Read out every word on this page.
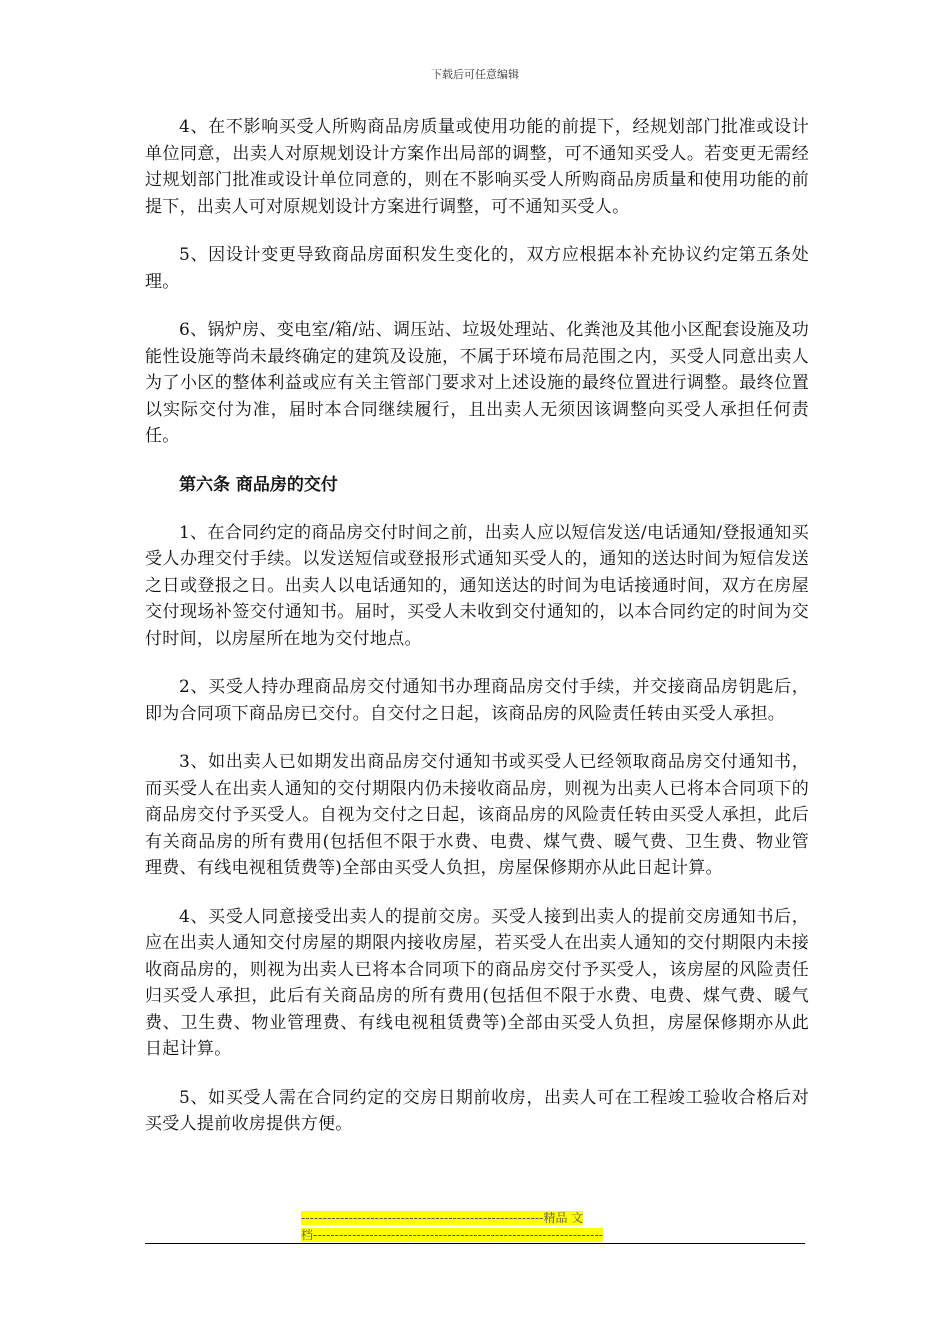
下载后可任意编辑

4、在不影响买受人所购商品房质量或使用功能的前提下，经规划部门批准或设计单位同意，出卖人对原规划设计方案作出局部的调整，可不通知买受人。若变更无需经过规划部门批准或设计单位同意的，则在不影响买受人所购商品房质量和使用功能的前提下，出卖人可对原规划设计方案进行调整，可不通知买受人。

5、因设计变更导致商品房面积发生变化的，双方应根据本补充协议约定第五条处理。

6、锅炉房、变电室/箱/站、调压站、垃圾处理站、化粪池及其他小区配套设施及功能性设施等尚未最终确定的建筑及设施，不属于环境布局范围之内，买受人同意出卖人为了小区的整体利益或应有关主管部门要求对上述设施的最终位置进行调整。最终位置以实际交付为准，届时本合同继续履行，且出卖人无须因该调整向买受人承担任何责任。

第六条 商品房的交付

1、在合同约定的商品房交付时间之前，出卖人应以短信发送/电话通知/登报通知买受人办理交付手续。以发送短信或登报形式通知买受人的，通知的送达时间为短信发送之日或登报之日。出卖人以电话通知的，通知送达的时间为电话接通时间，双方在房屋交付现场补签交付通知书。届时，买受人未收到交付通知的，以本合同约定的时间为交付时间，以房屋所在地为交付地点。

2、买受人持办理商品房交付通知书办理商品房交付手续，并交接商品房钥匙后，即为合同项下商品房已交付。自交付之日起，该商品房的风险责任转由买受人承担。

3、如出卖人已如期发出商品房交付通知书或买受人已经领取商品房交付通知书，而买受人在出卖人通知的交付期限内仍未接收商品房，则视为出卖人已将本合同项下的商品房交付予买受人。自视为交付之日起，该商品房的风险责任转由买受人承担，此后有关商品房的所有费用(包括但不限于水费、电费、煤气费、暖气费、卫生费、物业管理费、有线电视租赁费等)全部由买受人负担，房屋保修期亦从此日起计算。

4、买受人同意接受出卖人的提前交房。买受人接到出卖人的提前交房通知书后，应在出卖人通知交付房屋的期限内接收房屋，若买受人在出卖人通知的交付期限内未接收商品房的，则视为出卖人已将本合同项下的商品房交付予买受人，该房屋的风险责任归买受人承担，此后有关商品房的所有费用(包括但不限于水费、电费、煤气费、暖气费、卫生费、物业管理费、有线电视租赁费等)全部由买受人负担，房屋保修期亦从此日起计算。

5、如买受人需在合同约定的交房日期前收房，出卖人可在工程竣工验收合格后对买受人提前收房提供方便。

--------------------------------------------------------精品 文
档-------------------------------------------------------------------
